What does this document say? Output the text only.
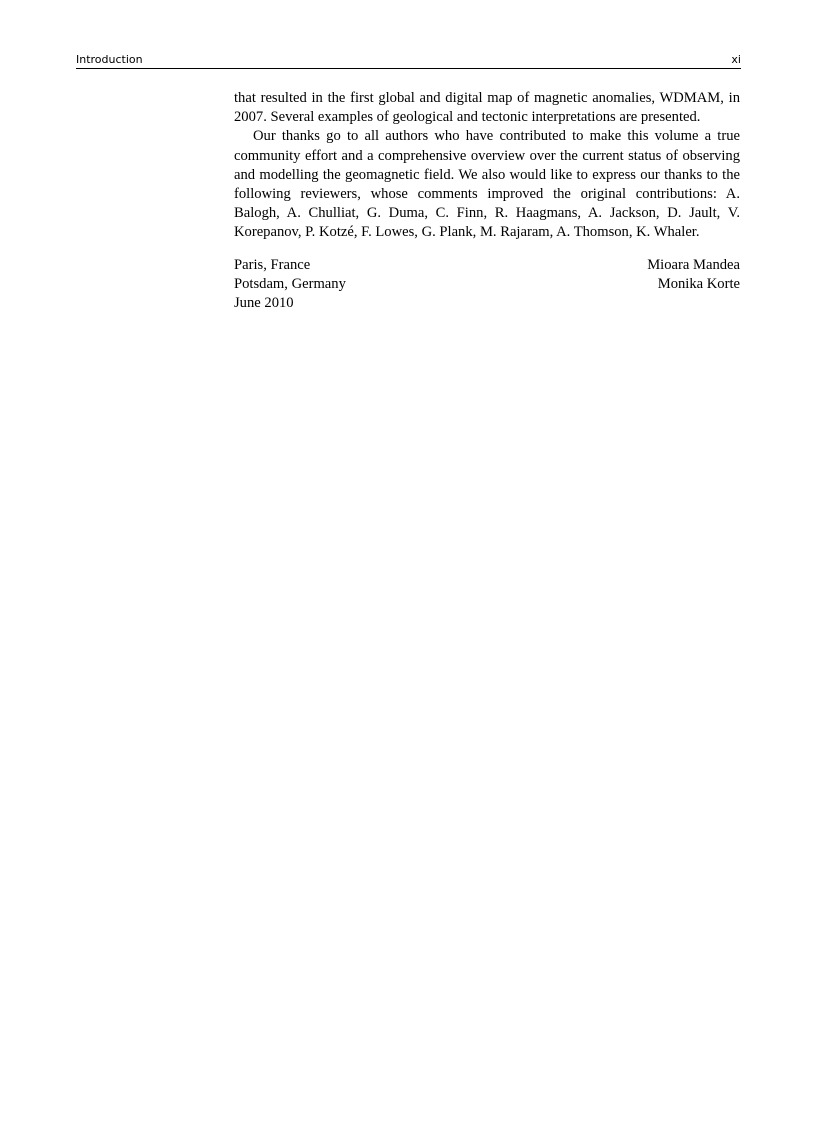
Introduction	xi

that resulted in the first global and digital map of magnetic anomalies, WDMAM, in 2007. Several examples of geological and tectonic interpretations are presented.

Our thanks go to all authors who have contributed to make this volume a true community effort and a comprehensive overview over the current status of observing and modelling the geomagnetic field. We also would like to express our thanks to the following reviewers, whose comments improved the original contributions: A. Balogh, A. Chulliat, G. Duma, C. Finn, R. Haagmans, A. Jackson, D. Jault, V. Korepanov, P. Kotzé, F. Lowes, G. Plank, M. Rajaram, A. Thomson, K. Whaler.

Paris, France
Potsdam, Germany
June 2010
Mioara Mandea
Monika Korte
